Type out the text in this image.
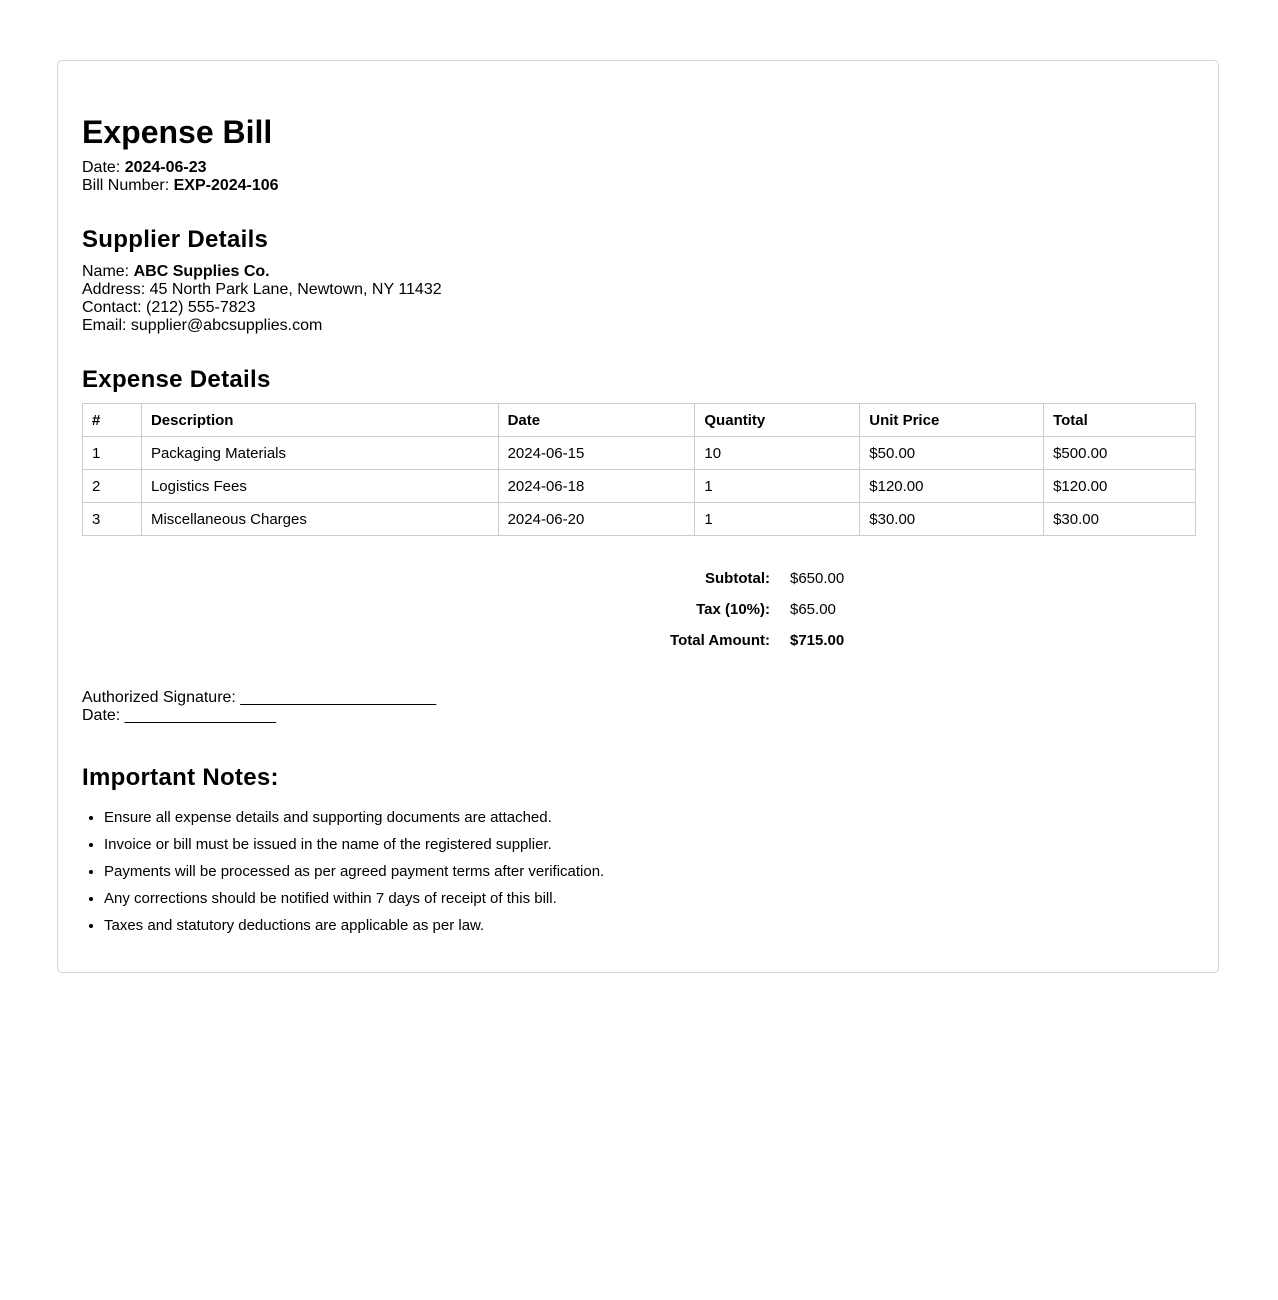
Expense Bill
Date: 2024-06-23
Bill Number: EXP-2024-106
Supplier Details
Name: ABC Supplies Co.
Address: 45 North Park Lane, Newtown, NY 11432
Contact: (212) 555-7823
Email: supplier@abcsupplies.com
Expense Details
#	Description	Date	Quantity	Unit Price	Total
1	Packaging Materials	2024-06-15	10	$50.00	$500.00
2	Logistics Fees	2024-06-18	1	$120.00	$120.00
3	Miscellaneous Charges	2024-06-20	1	$30.00	$30.00
Subtotal:	$650.00
Tax (10%):	$65.00
Total Amount:	$715.00
Authorized Signature: ______________________
Date: _________________
Important Notes:
• Ensure all expense details and supporting documents are attached.
• Invoice or bill must be issued in the name of the registered supplier.
• Payments will be processed as per agreed payment terms after verification.
• Any corrections should be notified within 7 days of receipt of this bill.
• Taxes and statutory deductions are applicable as per law.
